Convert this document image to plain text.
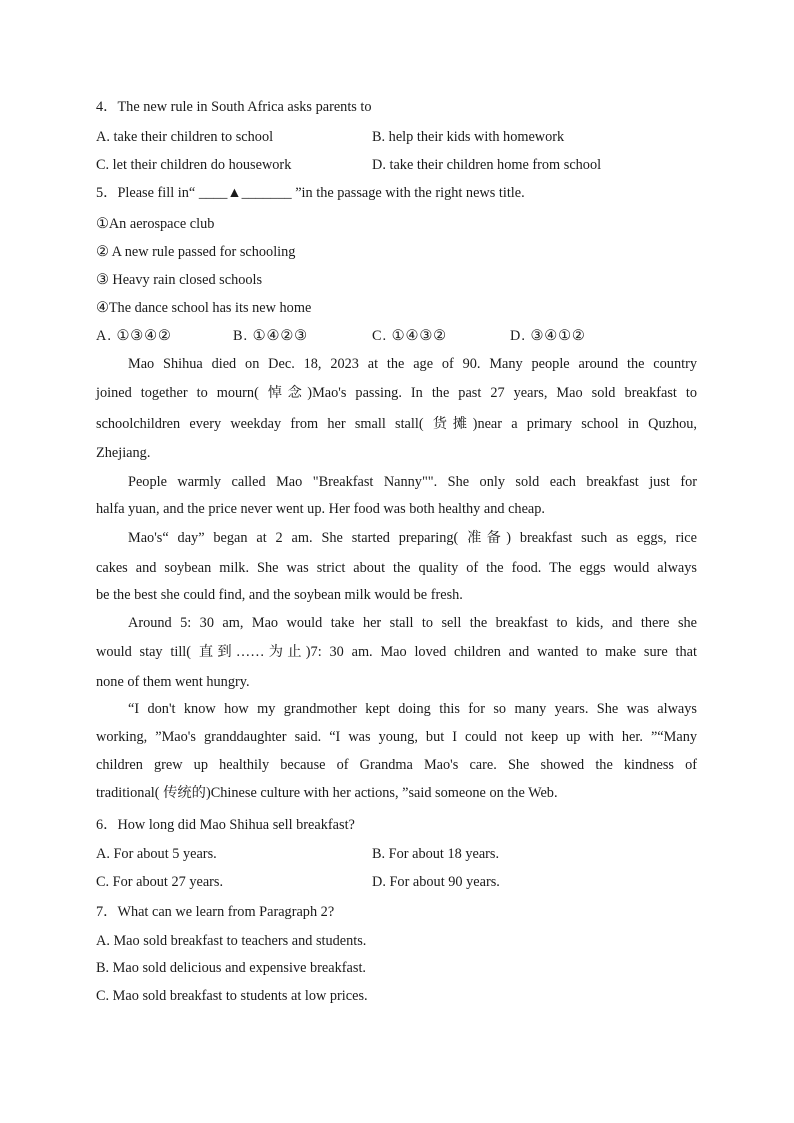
4．The new rule in South Africa asks parents to
A. take their children to school	B. help their kids with homework
C. let their children do housework	D. take their children home from school
5．Please fill in“ ____▲_______ ”in the passage with the right news title.
①An aerospace club
② A new rule passed for schooling
③ Heavy rain closed schools
④The dance school has its new home
A. ①③④②	B. ①④②③	C. ①④③②	D. ③④①②
Mao Shihua died on Dec. 18, 2023 at the age of 90. Many people around the country
joined together to mourn( 悼念)Mao's passing. In the past 27 years, Mao sold breakfast to
schoolchildren every weekday from her small stall( 货摊)near a primary school in Quzhou,
Zhejiang.
People warmly called Mao "Breakfast Nanny"". She only sold each breakfast just for
halfa yuan, and the price never went up. Her food was both healthy and cheap.
Mao's“ day” began at 2 am. She started preparing( 准备) breakfast such as eggs, rice
cakes and soybean milk. She was strict about the quality of the food. The eggs would always
be the best she could find, and the soybean milk would be fresh.
Around 5: 30 am, Mao would take her stall to sell the breakfast to kids, and there she
would stay till( 直到……为止)7: 30 am. Mao loved children and wanted to make sure that
none of them went hungry.
“I don't know how my grandmother kept doing this for so many years. She was always
working, ”Mao's granddaughter said. “I was young, but I could not keep up with her. ”“Many
children grew up healthily because of Grandma Mao's care. She showed the kindness of
traditional( 传统的)Chinese culture with her actions, ”said someone on the Web.
6．How long did Mao Shihua sell breakfast?
A. For about 5 years.	B. For about 18 years.
C. For about 27 years.	D. For about 90 years.
7．What can we learn from Paragraph 2?
A. Mao sold breakfast to teachers and students.
B. Mao sold delicious and expensive breakfast.
C. Mao sold breakfast to students at low prices.
